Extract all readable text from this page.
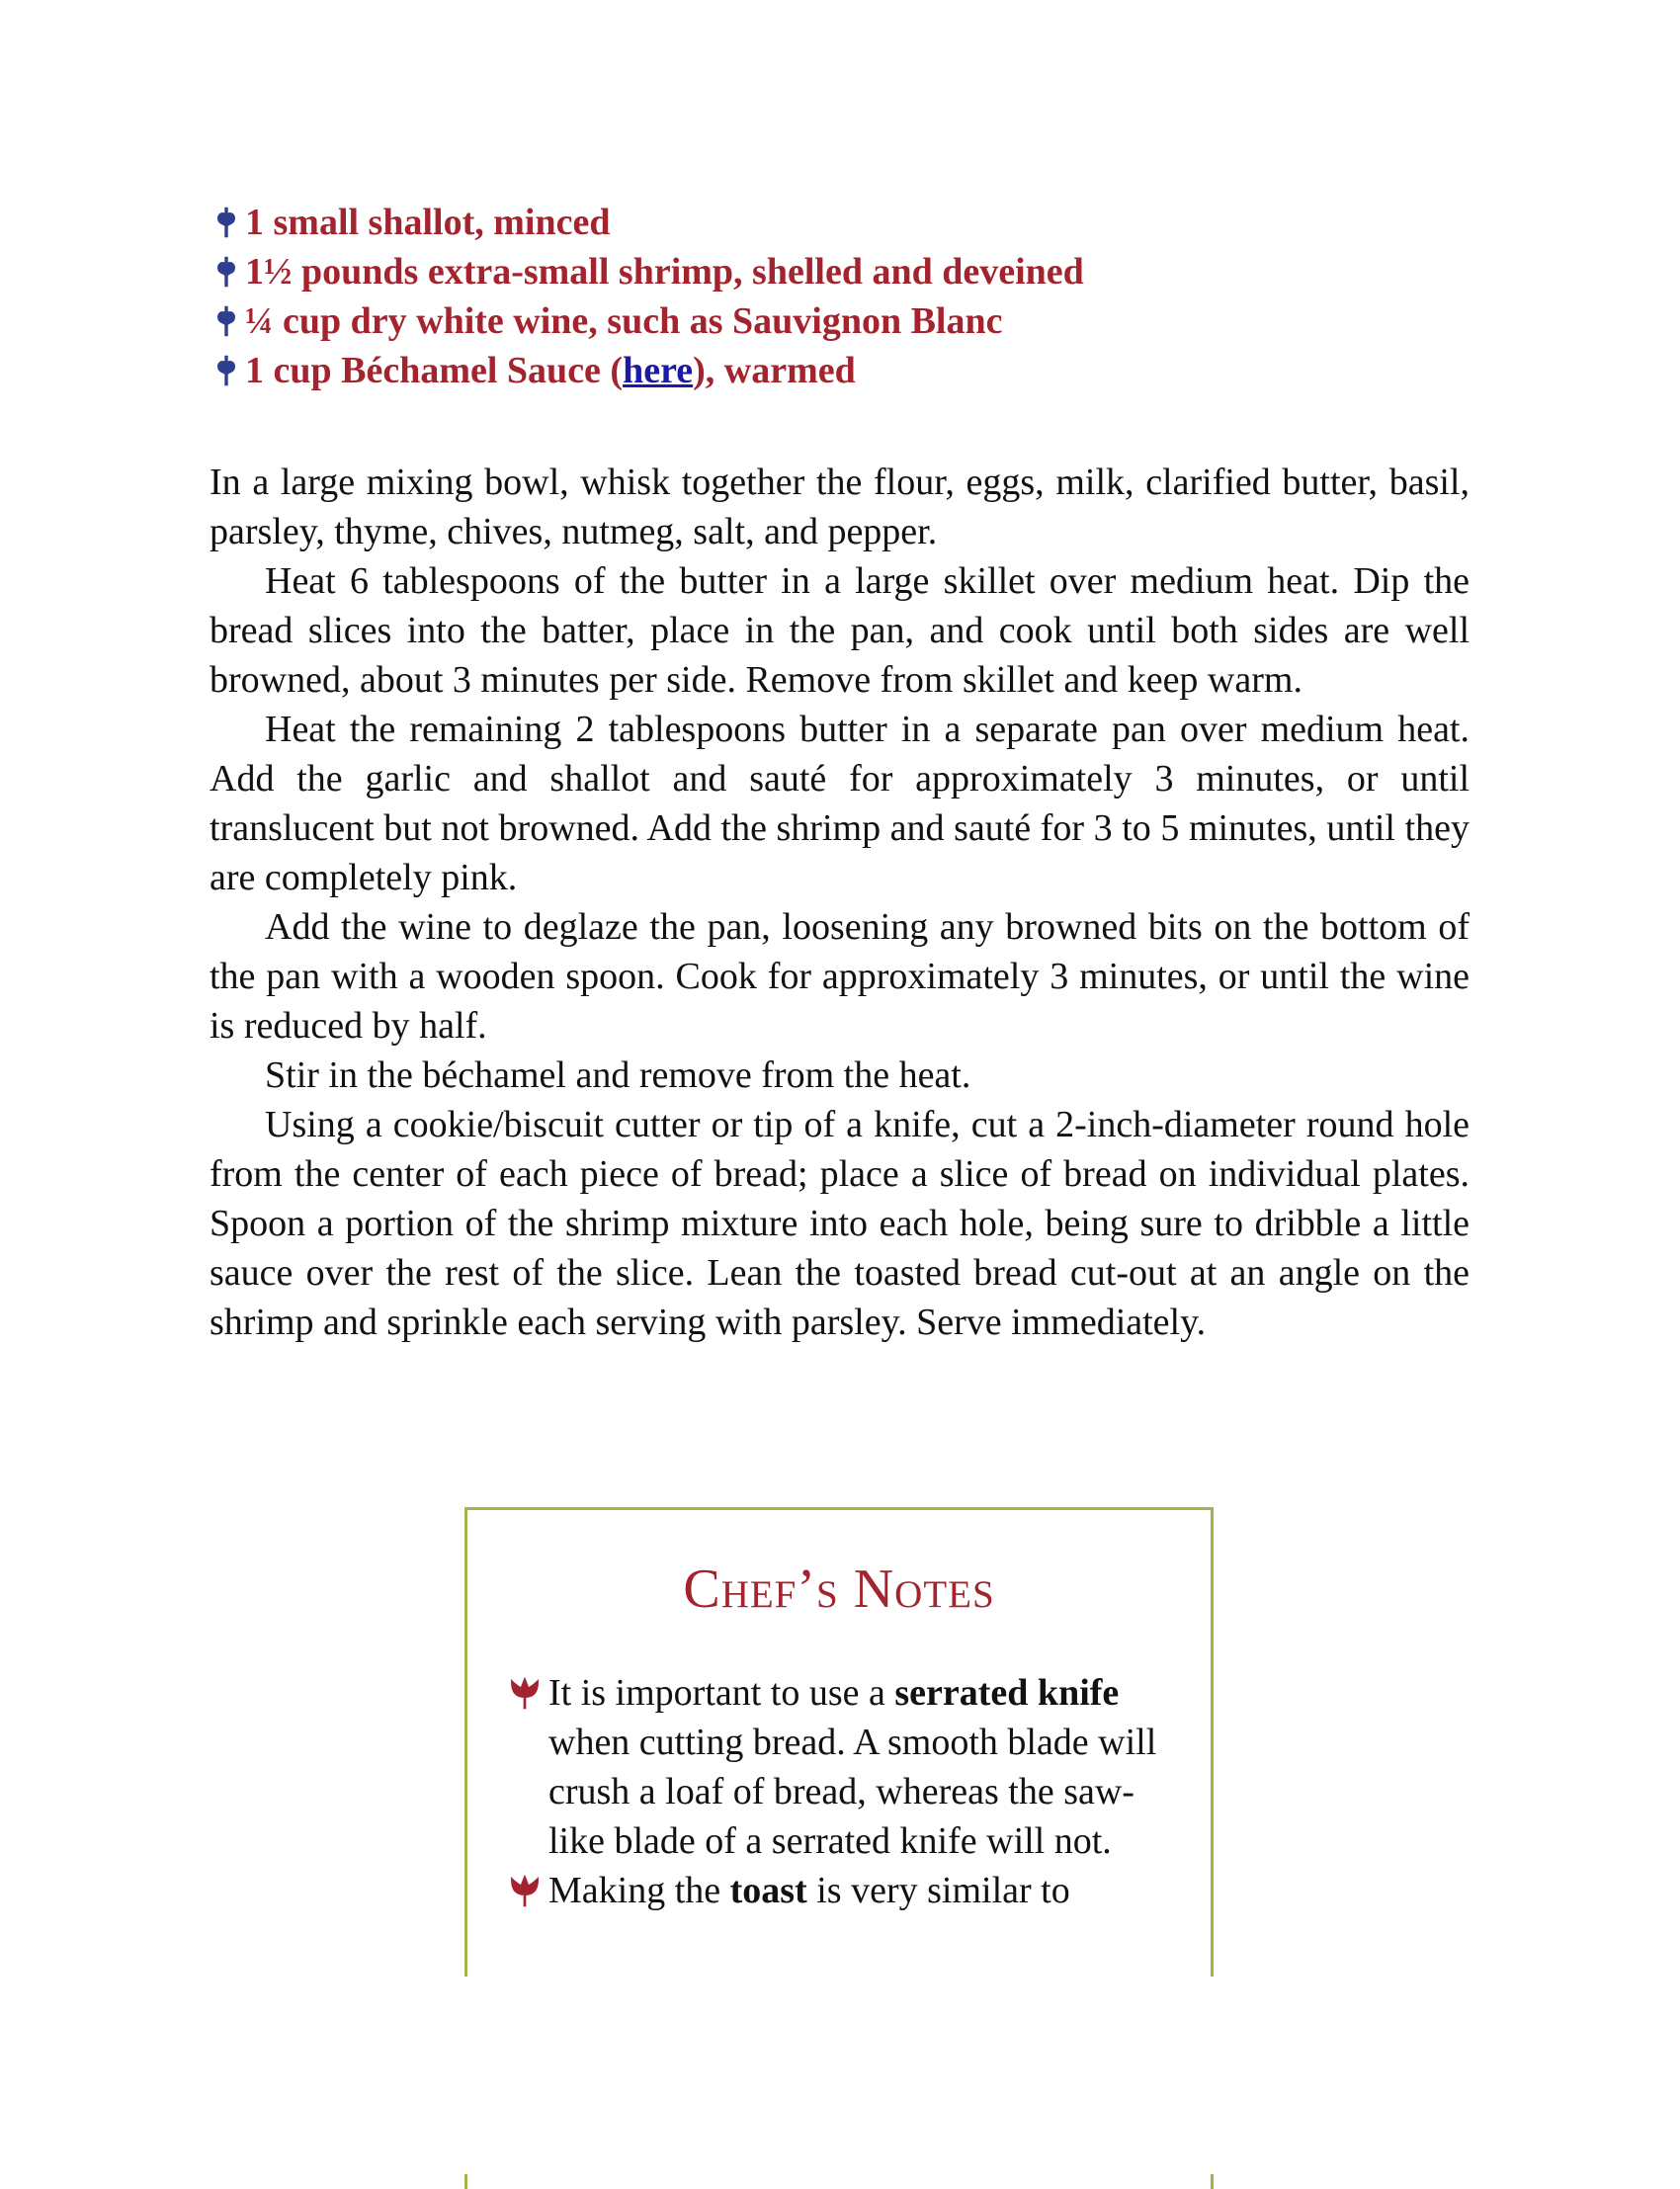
1 small shallot, minced
1½ pounds extra-small shrimp, shelled and deveined
¼ cup dry white wine, such as Sauvignon Blanc
1 cup Béchamel Sauce ( here ), warmed

In a large mixing bowl, whisk together the flour, eggs, milk, clarified butter, basil, parsley, thyme, chives, nutmeg, salt, and pepper.

Heat 6 tablespoons of the butter in a large skillet over medium heat. Dip the bread slices into the batter, place in the pan, and cook until both sides are well browned, about 3 minutes per side. Remove from skillet and keep warm.

Heat the remaining 2 tablespoons butter in a separate pan over medium heat. Add the garlic and shallot and sauté for approximately 3 minutes, or until translucent but not browned. Add the shrimp and sauté for 3 to 5 minutes, until they are completely pink.

Add the wine to deglaze the pan, loosening any browned bits on the bottom of the pan with a wooden spoon. Cook for approximately 3 minutes, or until the wine is reduced by half.

Stir in the béchamel and remove from the heat.

Using a cookie/biscuit cutter or tip of a knife, cut a 2-inch-diameter round hole from the center of each piece of bread; place a slice of bread on individual plates. Spoon a portion of the shrimp mixture into each hole, being sure to dribble a little sauce over the rest of the slice. Lean the toasted bread cut-out at an angle on the shrimp and sprinkle each serving with parsley. Serve immediately.

Chef’s Notes
It is important to use a serrated knife when cutting bread. A smooth blade will crush a loaf of bread, whereas the saw-like blade of a serrated knife will not.
Making the toast is very similar to
